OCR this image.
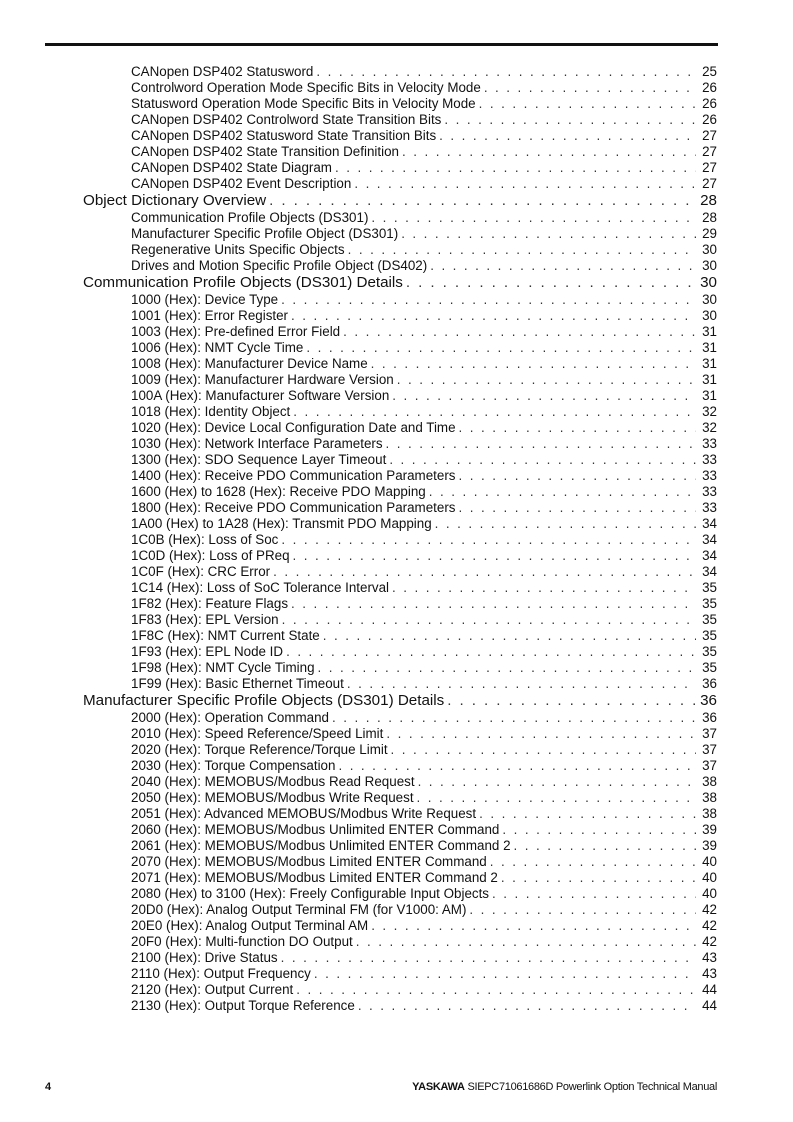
CANopen DSP402 Statusword . . .	25
Controlword Operation Mode Specific Bits in Velocity Mode . . .	26
Statusword Operation Mode Specific Bits in Velocity Mode . . .	26
CANopen DSP402 Controlword State Transition Bits . . .	26
CANopen DSP402 Statusword State Transition Bits . . .	27
CANopen DSP402 State Transition Definition . . .	27
CANopen DSP402 State Diagram . . .	27
CANopen DSP402 Event Description . . .	27
Object Dictionary Overview . . .	28
Communication Profile Objects (DS301) . . .	28
Manufacturer Specific Profile Object (DS301) . . .	29
Regenerative Units Specific Objects . . .	30
Drives and Motion Specific Profile Object (DS402) . . .	30
Communication Profile Objects (DS301) Details . . .	30
1000 (Hex): Device Type . . .	30
1001 (Hex): Error Register . . .	30
1003 (Hex): Pre-defined Error Field . . .	31
1006 (Hex): NMT Cycle Time . . .	31
1008 (Hex): Manufacturer Device Name . . .	31
1009 (Hex): Manufacturer Hardware Version . . .	31
100A (Hex): Manufacturer Software Version . . .	31
1018 (Hex): Identity Object . . .	32
1020 (Hex): Device Local Configuration Date and Time . . .	32
1030 (Hex): Network Interface Parameters . . .	33
1300 (Hex): SDO Sequence Layer Timeout . . .	33
1400 (Hex): Receive PDO Communication Parameters . . .	33
1600 (Hex) to 1628 (Hex): Receive PDO Mapping . . .	33
1800 (Hex): Receive PDO Communication Parameters . . .	33
1A00 (Hex) to 1A28 (Hex): Transmit PDO Mapping . . .	34
1C0B (Hex): Loss of Soc . . .	34
1C0D (Hex): Loss of PReq . . .	34
1C0F (Hex): CRC Error . . .	34
1C14 (Hex): Loss of SoC Tolerance Interval . . .	35
1F82 (Hex): Feature Flags . . .	35
1F83 (Hex): EPL Version . . .	35
1F8C (Hex): NMT Current State . . .	35
1F93 (Hex): EPL Node ID . . .	35
1F98 (Hex): NMT Cycle Timing . . .	35
1F99 (Hex): Basic Ethernet Timeout . . .	36
Manufacturer Specific Profile Objects (DS301) Details . . .	36
2000 (Hex): Operation Command . . .	36
2010 (Hex): Speed Reference/Speed Limit . . .	37
2020 (Hex): Torque Reference/Torque Limit . . .	37
2030 (Hex): Torque Compensation . . .	37
2040 (Hex): MEMOBUS/Modbus Read Request . . .	38
2050 (Hex): MEMOBUS/Modbus Write Request . . .	38
2051 (Hex): Advanced MEMOBUS/Modbus Write Request . . .	38
2060 (Hex): MEMOBUS/Modbus Unlimited ENTER Command . . .	39
2061 (Hex): MEMOBUS/Modbus Unlimited ENTER Command 2 . . .	39
2070 (Hex): MEMOBUS/Modbus Limited ENTER Command . . .	40
2071 (Hex): MEMOBUS/Modbus Limited ENTER Command 2 . . .	40
2080 (Hex) to 3100 (Hex): Freely Configurable Input Objects . . .	40
20D0 (Hex): Analog Output Terminal FM (for V1000: AM) . . .	42
20E0 (Hex): Analog Output Terminal AM . . .	42
20F0 (Hex): Multi-function DO Output . . .	42
2100 (Hex): Drive Status . . .	43
2110 (Hex): Output Frequency . . .	43
2120 (Hex): Output Current . . .	44
2130 (Hex): Output Torque Reference . . .	44
4	YASKAWA SIEPC71061686D Powerlink Option Technical Manual
